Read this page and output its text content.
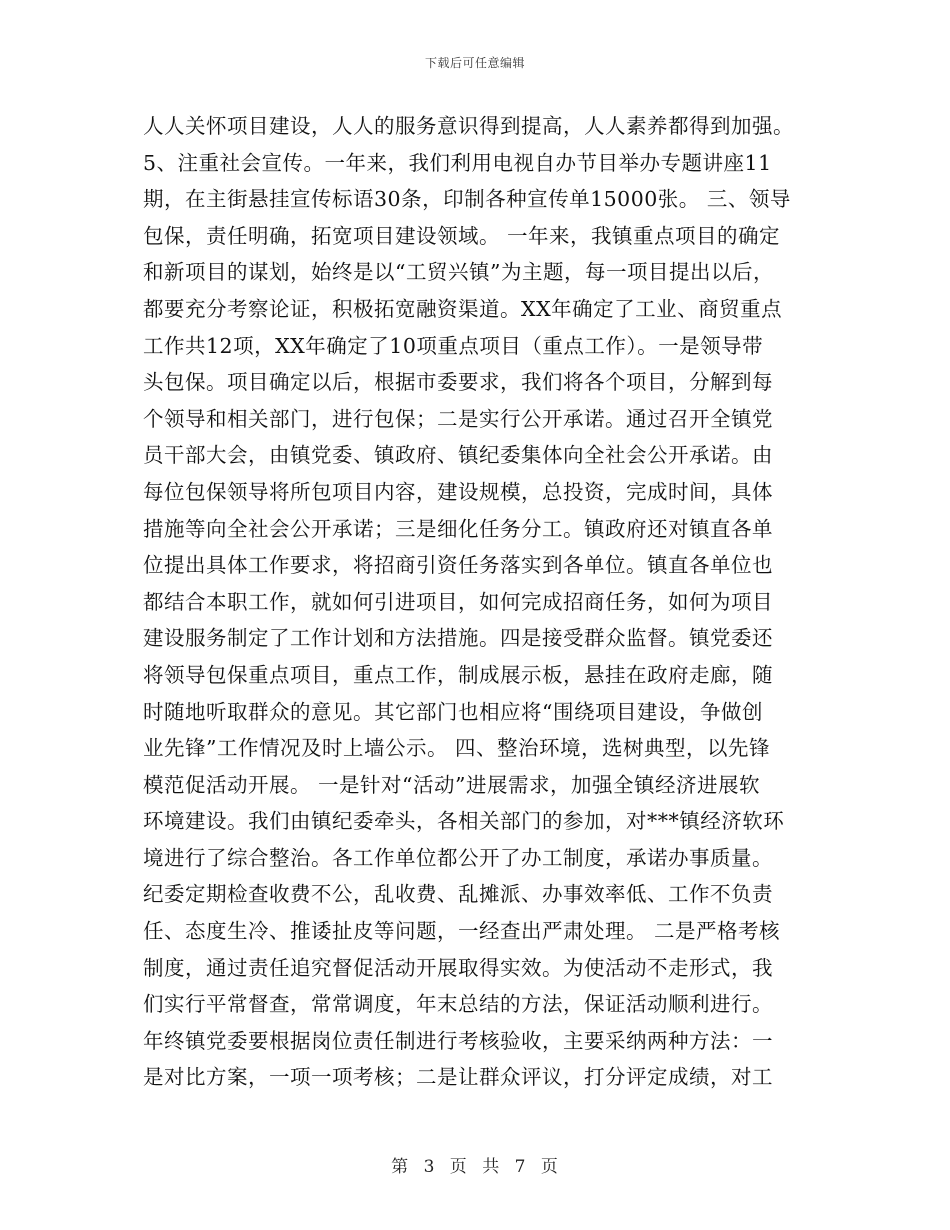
下载后可任意编辑
人人关怀项目建设，人人的服务意识得到提高，人人素养都得到加强。
5、注重社会宣传。一年来，我们利用电视自办节目举办专题讲座11
期，在主街悬挂宣传标语30条，印制各种宣传单15000张。 三、领导
包保，责任明确，拓宽项目建设领域。 一年来，我镇重点项目的确定
和新项目的谋划，始终是以“工贸兴镇”为主题，每一项目提出以后，
都要充分考察论证，积极拓宽融资渠道。XX年确定了工业、商贸重点
工作共12项，XX年确定了10项重点项目（重点工作）。一是领导带
头包保。项目确定以后，根据市委要求，我们将各个项目，分解到每
个领导和相关部门，进行包保；二是实行公开承诺。通过召开全镇党
员干部大会，由镇党委、镇政府、镇纪委集体向全社会公开承诺。由
每位包保领导将所包项目内容，建设规模，总投资，完成时间，具体
措施等向全社会公开承诺；三是细化任务分工。镇政府还对镇直各单
位提出具体工作要求，将招商引资任务落实到各单位。镇直各单位也
都结合本职工作，就如何引进项目，如何完成招商任务，如何为项目
建设服务制定了工作计划和方法措施。四是接受群众监督。镇党委还
将领导包保重点项目，重点工作，制成展示板，悬挂在政府走廊，随
时随地听取群众的意见。其它部门也相应将“围绕项目建设，争做创
业先锋”工作情况及时上墙公示。 四、整治环境，选树典型，以先锋
模范促活动开展。 一是针对“活动”进展需求，加强全镇经济进展软
环境建设。我们由镇纪委牵头，各相关部门的参加，对***镇经济软环
境进行了综合整治。各工作单位都公开了办工制度，承诺办事质量。
纪委定期检查收费不公，乱收费、乱摊派、办事效率低、工作不负责
任、态度生冷、推诿扯皮等问题，一经查出严肃处理。 二是严格考核
制度，通过责任追究督促活动开展取得实效。为使活动不走形式，我
们实行平常督查，常常调度，年末总结的方法，保证活动顺利进行。
年终镇党委要根据岗位责任制进行考核验收，主要采纳两种方法：一
是对比方案，一项一项考核；二是让群众评议，打分评定成绩，对工
第 3 页 共 7 页
